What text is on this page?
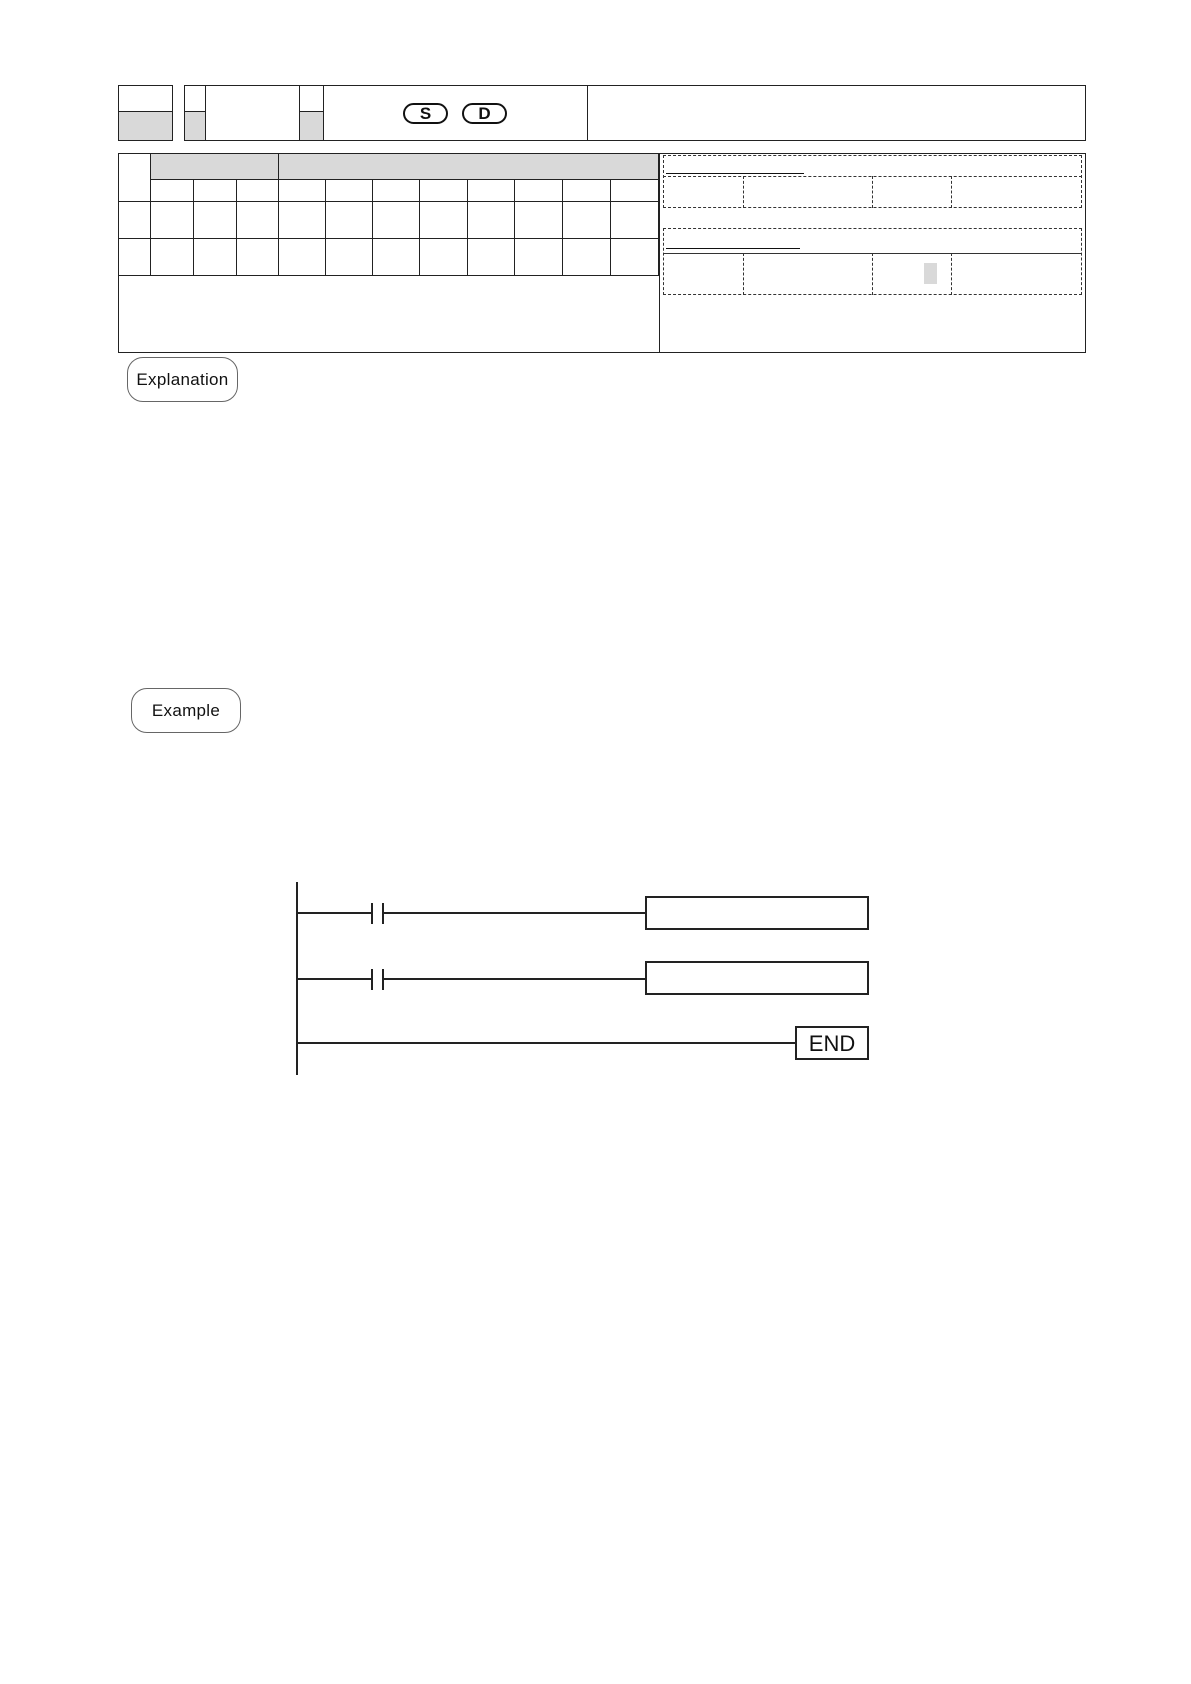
S	D

Explanation
Example
END
